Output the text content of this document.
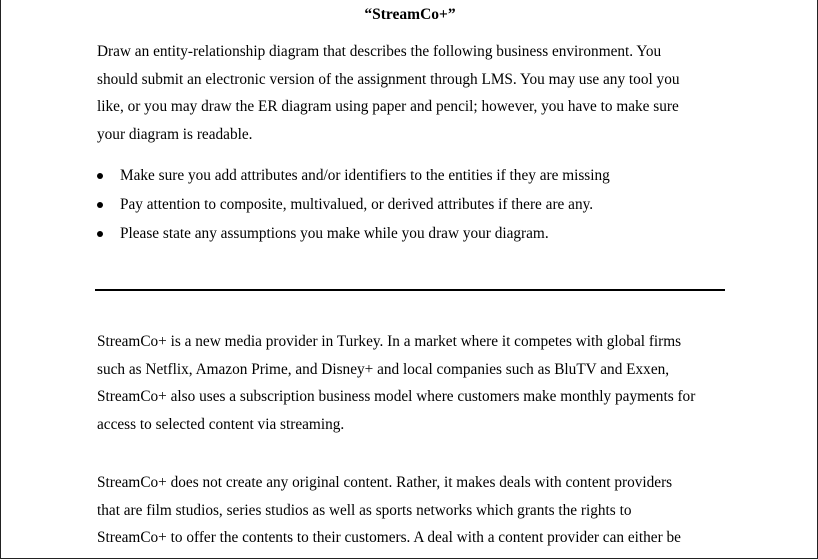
“StreamCo+”

Draw an entity-relationship diagram that describes the following business environment. You
should submit an electronic version of the assignment through LMS. You may use any tool you
like, or you may draw the ER diagram using paper and pencil; however, you have to make sure
your diagram is readable.

Make sure you add attributes and/or identifiers to the entities if they are missing
Pay attention to composite, multivalued, or derived attributes if there are any.
Please state any assumptions you make while you draw your diagram.

StreamCo+ is a new media provider in Turkey. In a market where it competes with global firms
such as Netflix, Amazon Prime, and Disney+ and local companies such as BluTV and Exxen,
StreamCo+ also uses a subscription business model where customers make monthly payments for
access to selected content via streaming.

StreamCo+ does not create any original content. Rather, it makes deals with content providers
that are film studios, series studios as well as sports networks which grants the rights to
StreamCo+ to offer the contents to their customers. A deal with a content provider can either be
